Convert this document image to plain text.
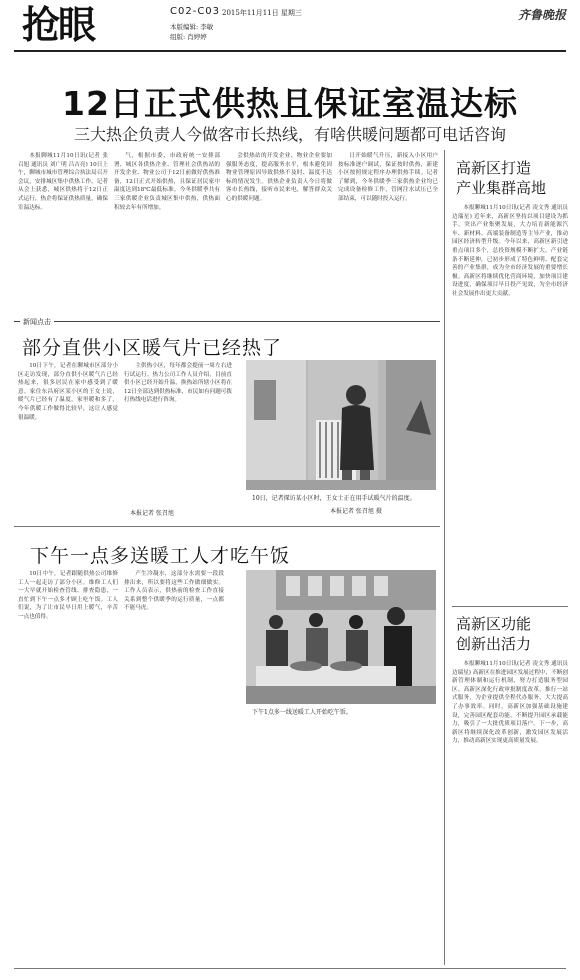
抢眼	C02-C03 2015年11月11日 星期三
本版编辑: 李敏
组版: 肖婷婷
齐鲁晚报
12日正式供热且保证室温达标
三大热企负责人今做客市长热线，有啥供暖问题都可电话咨询

本报聊城11月10日讯(记者 张召旭 通讯员 刘广明 吕吉亮) 10日上午，聊城市城市管理综合执法局召开会议，安排城区集中供热工作。记者从会上获悉，城区供热将于12日正式运行，热企将保证供热质量，确保室温达标。

气，根据市委、市政府统一安排部署，城区各供热企业、管理社会供热站的开发企业、物业公司于12日前做好供热准备，12日正式开始供热，且保证居民家中温度达到18℃最低标准。今冬供暖季共有三家供暖企业负责城区集中供热，供热面积较去年有所增加。

会供热站的开发企业、物业企业要加强服务态度，提高服务水平，根本避免因物业管理原因导致供热不及时、温度不达标的情况发生。供热企业负责人今日将做客市长热线，接听市民来电，解答群众关心的供暖问题。

日开始暖气升压，新接入小区用户按标准逐户调试，保证按时供热，新建小区按照规定程序办理供热手续。记者了解到，今冬供暖季三家供热企业均已完成设备检修工作，管网注水试压已全部结束，可以随时投入运行。

新闻点击
部分直供小区暖气片已经热了

10日下午，记者在聊城市区部分小区走访发现，部分直供小区暖气片已经热起来，很多居民在家中感受到了暖意。家住东昌府区某小区的王女士说，暖气片已经有了温度，家里暖和多了，今年供暖工作做得比较早，这让人感觉很温暖。

主供热小区，每年都会提前一周左右进行试运行。热力公司工作人员介绍，目前直供小区已经开始升温，换热站所辖小区将在12日全部达到供热标准，市民如有问题可拨打热线电话进行咨询。

10日，记者探访某小区时，王女士正在用手试暖气片的温度。
本报记者 张召旭 摄
本报记者 张召旭
下午一点多送暖工人才吃午饭

10日中午，记者跟随供热公司维修工人一起走访了部分小区。维修工人们一大早就开始检查管线、排查隐患，一直忙到下午一点多才顾上吃午饭。工人们说，为了让市民早日用上暖气，辛苦一点也值得。

产生冷凝水，这部分水需要一段段排出来，所以要将这些工作做细做实。工作人员表示，供热前的检查工作直接关系到整个供暖季的运行质量，一点都不能马虎。

下午1点多一线送暖工人开始吃午饭。
高新区打造
产业集群高地

本报聊城11月10日讯(记者 凌文秀 通讯员 边瑞星) 近年来，高新区坚持以项目建设为抓手，突出产业集聚发展，大力培育新能源汽车、新材料、高端装备制造等主导产业，推动园区经济转型升级。今年以来，高新区新引进重点项目多个，总投资规模不断扩大，产业链条不断延伸，已初步形成了特色鲜明、配套完善的产业集群，成为全市经济发展的重要增长极。高新区将继续优化营商环境，加快项目建设进度，确保项目早日投产见效，为全市经济社会发展作出更大贡献。

高新区功能
创新出活力

本报聊城11月10日讯(记者 凌文秀 通讯员 边瑞星) 高新区在推进园区发展过程中，不断创新管理体制和运行机制，努力打造服务型园区。高新区深化行政审批制度改革，推行一站式服务，为企业提供全程代办服务，大大提高了办事效率。同时，高新区加强基础设施建设，完善园区配套功能，不断提升园区承载能力，吸引了一大批优质项目落户。下一步，高新区将继续深化改革创新，激发园区发展活力，推动高新区实现更高质量发展。
